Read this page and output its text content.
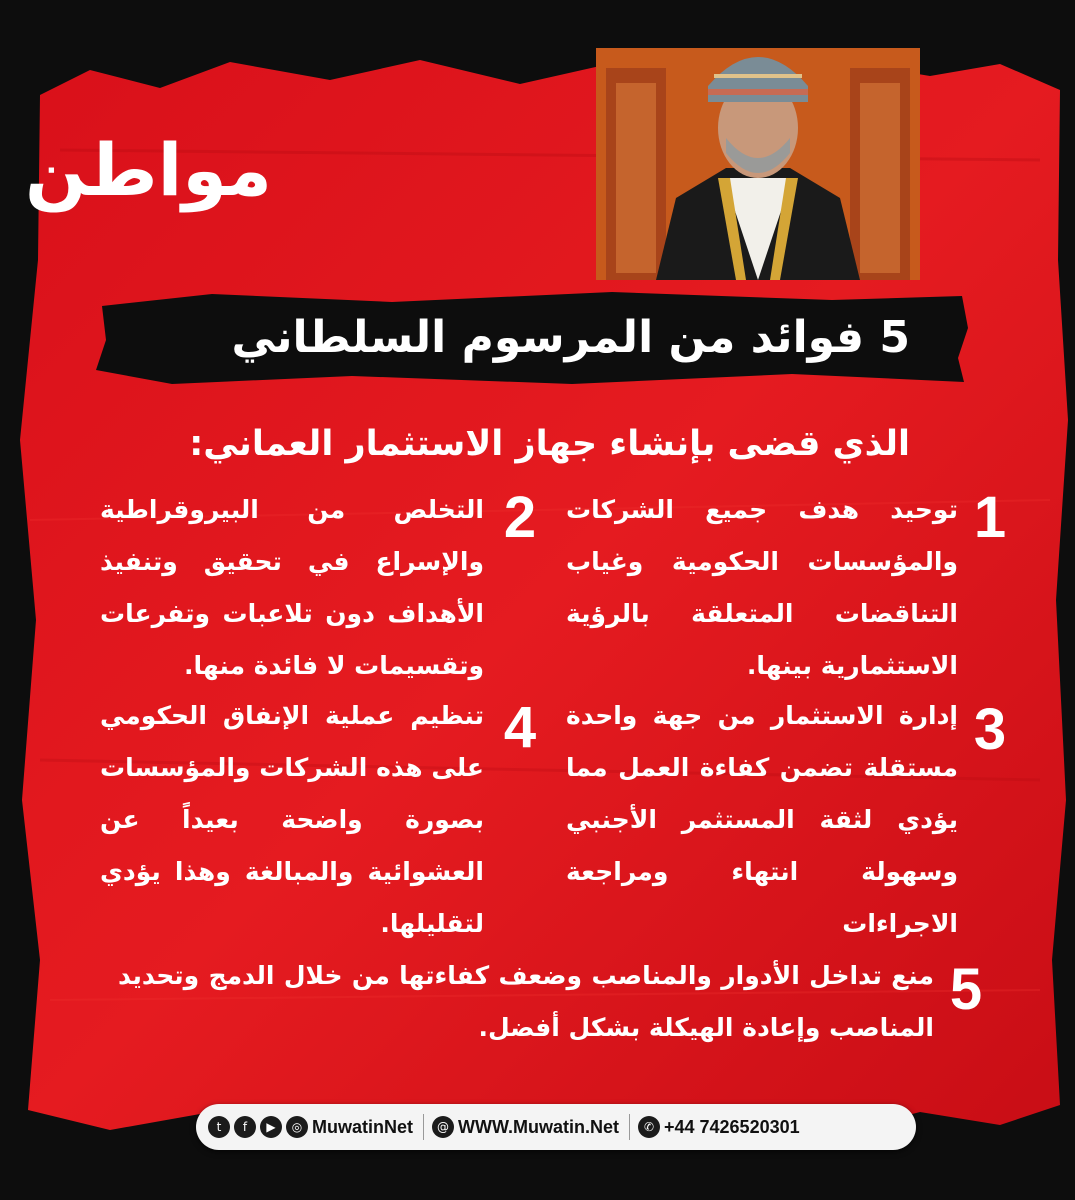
مواطن
5 فوائد من المرسوم السلطاني
الذي قضى بإنشاء جهاز الاستثمار العماني:
1
توحيد هدف جميع الشركات والمؤسسات الحكومية وغياب التناقضات المتعلقة بالرؤية الاستثمارية بينها.
2
التخلص من البيروقراطية والإسراع في تحقيق وتنفيذ الأهداف دون تلاعبات وتفرعات وتقسيمات لا فائدة منها.
3
إدارة الاستثمار من جهة واحدة مستقلة تضمن كفاءة العمل مما يؤدي لثقة المستثمر الأجنبي وسهولة انتهاء ومراجعة الاجراءات
4
تنظيم عملية الإنفاق الحكومي على هذه الشركات والمؤسسات بصورة واضحة بعيداً عن العشوائية والمبالغة وهذا يؤدي لتقليلها.
5
منع تداخل الأدوار والمناصب وضعف كفاءتها من خلال الدمج وتحديد المناصب وإعادة الهيكلة بشكل أفضل.
t	f	▶	◎ MuwatinNet	@ WWW.Muwatin.Net	✆ +44 7426520301
